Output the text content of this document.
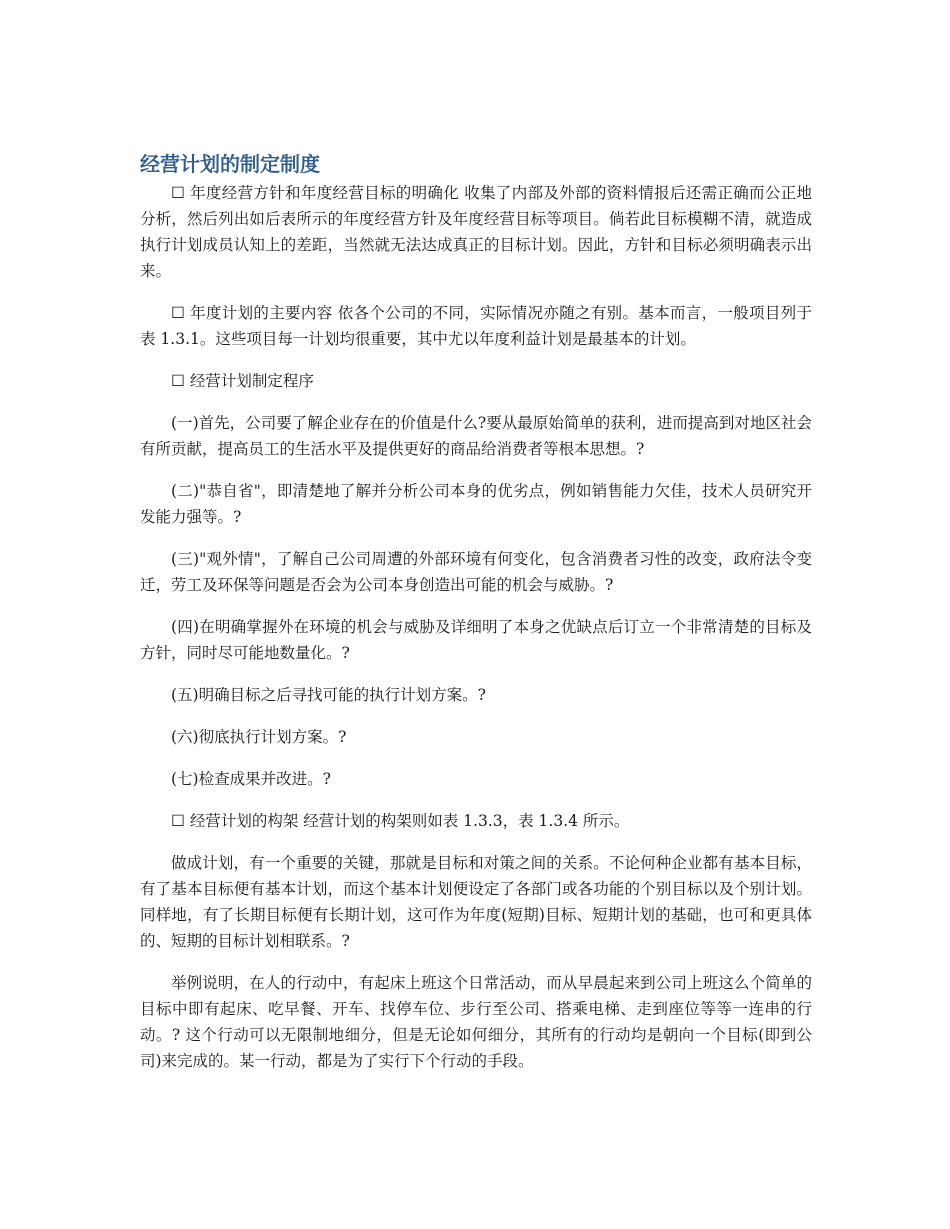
经营计划的制定制度

☐ 年度经营方针和年度经营目标的明确化 收集了内部及外部的资料情报后还需正确而公正地分析，然后列出如后表所示的年度经营方针及年度经营目标等项目。倘若此目标模糊不清，就造成执行计划成员认知上的差距，当然就无法达成真正的目标计划。因此，方针和目标必须明确表示出来。

☐ 年度计划的主要内容 依各个公司的不同，实际情况亦随之有别。基本而言，一般项目列于表 1.3.1。这些项目每一计划均很重要，其中尤以年度利益计划是最基本的计划。

☐ 经营计划制定程序

(一)首先，公司要了解企业存在的价值是什么?要从最原始简单的获利，进而提高到对地区社会有所贡献，提高员工的生活水平及提供更好的商品给消费者等根本思想。?

(二)"恭自省"，即清楚地了解并分析公司本身的优劣点，例如销售能力欠佳，技术人员研究开发能力强等。?

(三)"观外情"，了解自己公司周遭的外部环境有何变化，包含消费者习性的改变，政府法令变迁，劳工及环保等问题是否会为公司本身创造出可能的机会与威胁。?

(四)在明确掌握外在环境的机会与威胁及详细明了本身之优缺点后订立一个非常清楚的目标及方针，同时尽可能地数量化。?

(五)明确目标之后寻找可能的执行计划方案。?

(六)彻底执行计划方案。?

(七)检查成果并改进。?

☐ 经营计划的构架 经营计划的构架则如表 1.3.3，表 1.3.4 所示。

做成计划，有一个重要的关键，那就是目标和对策之间的关系。不论何种企业都有基本目标，有了基本目标便有基本计划，而这个基本计划便设定了各部门或各功能的个别目标以及个别计划。同样地，有了长期目标便有长期计划，这可作为年度(短期)目标、短期计划的基础，也可和更具体的、短期的目标计划相联系。?

举例说明，在人的行动中，有起床上班这个日常活动，而从早晨起来到公司上班这么个简单的目标中即有起床、吃早餐、开车、找停车位、步行至公司、搭乘电梯、走到座位等等一连串的行动。? 这个行动可以无限制地细分，但是无论如何细分，其所有的行动均是朝向一个目标(即到公司)来完成的。某一行动，都是为了实行下个行动的手段。
